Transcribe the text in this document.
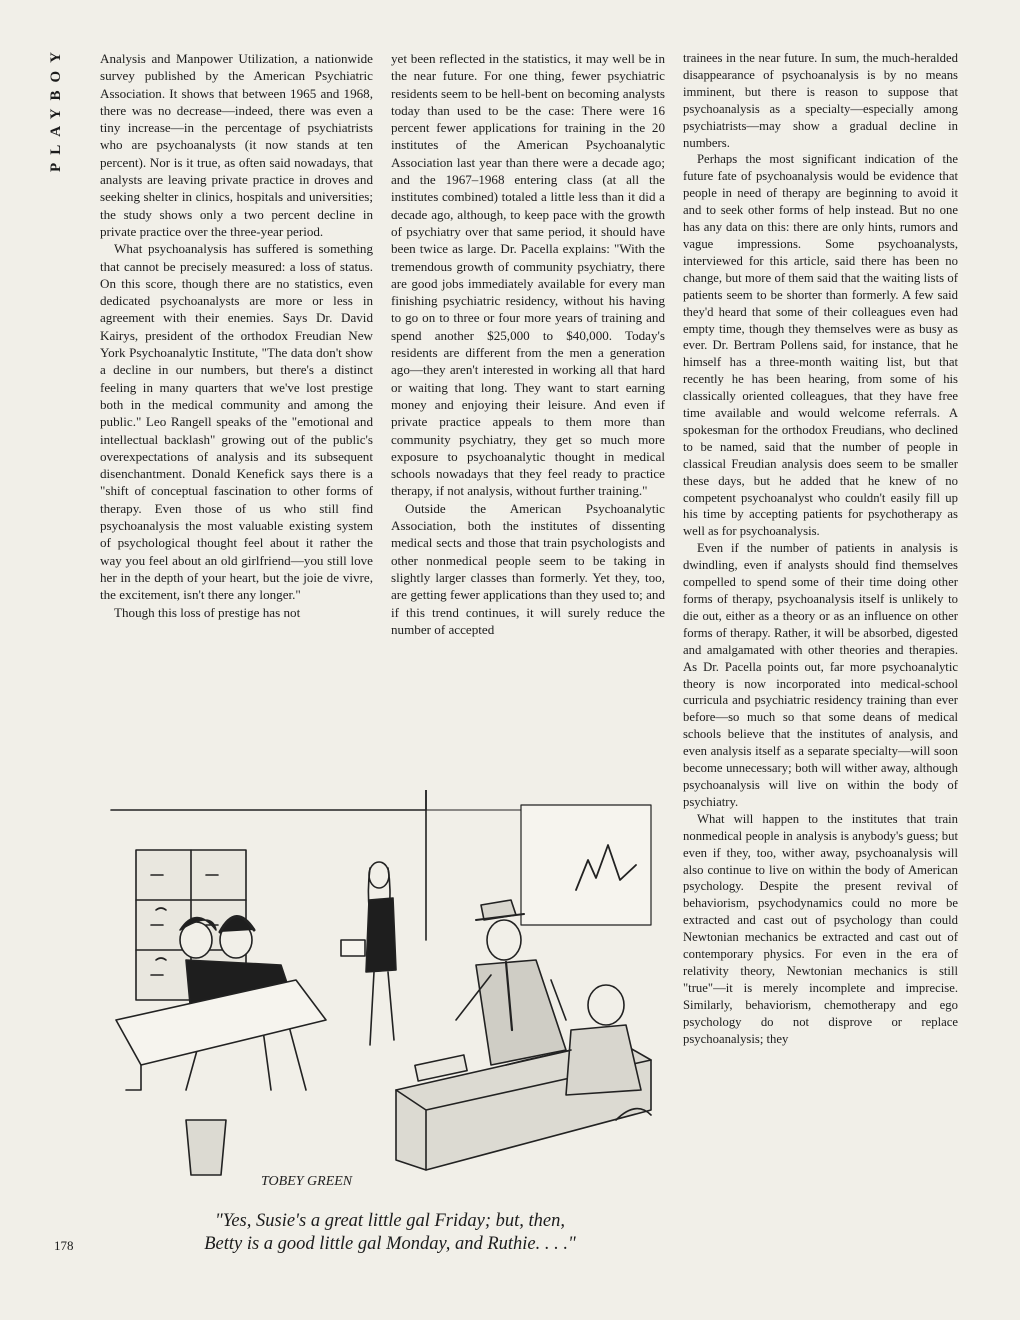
PLAYBOY	Analysis and Manpower Utilization, a nationwide survey published by the American Psychiatric Association. It shows that between 1965 and 1968, there was no decrease—indeed, there was even a tiny increase—in the percentage of psychiatrists who are psychoanalysts (it now stands at ten percent). Nor is it true, as often said nowadays, that analysts are leaving private practice in droves and seeking shelter in clinics, hospitals and universities; the study shows only a two percent decline in private practice over the three-year period.

What psychoanalysis has suffered is something that cannot be precisely measured: a loss of status. On this score, though there are no statistics, even dedicated psychoanalysts are more or less in agreement with their enemies. Says Dr. David Kairys, president of the orthodox Freudian New York Psychoanalytic Institute, "The data don't show a decline in our numbers, but there's a distinct feeling in many quarters that we've lost prestige both in the medical community and among the public." Leo Rangell speaks of the "emotional and intellectual backlash" growing out of the public's overexpectations of analysis and its subsequent disenchantment. Donald Kenefick says there is a "shift of conceptual fascination to other forms of therapy. Even those of us who still find psychoanalysis the most valuable existing system of psychological thought feel about it rather the way you feel about an old girlfriend—you still love her in the depth of your heart, but the joie de vivre, the excitement, isn't there any longer."

Though this loss of prestige has not

yet been reflected in the statistics, it may well be in the near future. For one thing, fewer psychiatric residents seem to be hell-bent on becoming analysts today than used to be the case: There were 16 percent fewer applications for training in the 20 institutes of the American Psychoanalytic Association last year than there were a decade ago; and the 1967–1968 entering class (at all the institutes combined) totaled a little less than it did a decade ago, although, to keep pace with the growth of psychiatry over that same period, it should have been twice as large. Dr. Pacella explains: "With the tremendous growth of community psychiatry, there are good jobs immediately available for every man finishing psychiatric residency, without his having to go on to three or four more years of training and spend another $25,000 to $40,000. Today's residents are different from the men a generation ago—they aren't interested in working all that hard or waiting that long. They want to start earning money and enjoying their leisure. And even if private practice appeals to them more than community psychiatry, they get so much more exposure to psychoanalytic thought in medical schools nowadays that they feel ready to practice therapy, if not analysis, without further training."

Outside the American Psychoanalytic Association, both the institutes of dissenting medical sects and those that train psychologists and other nonmedical people seem to be taking in slightly larger classes than formerly. Yet they, too, are getting fewer applications than they used to; and if this trend continues, it will surely reduce the number of accepted

trainees in the near future. In sum, the much-heralded disappearance of psychoanalysis is by no means imminent, but there is reason to suppose that psychoanalysis as a specialty—especially among psychiatrists—may show a gradual decline in numbers.

Perhaps the most significant indication of the future fate of psychoanalysis would be evidence that people in need of therapy are beginning to avoid it and to seek other forms of help instead. But no one has any data on this: there are only hints, rumors and vague impressions. Some psychoanalysts, interviewed for this article, said there has been no change, but more of them said that the waiting lists of patients seem to be shorter than formerly. A few said they'd heard that some of their colleagues even had empty time, though they themselves were as busy as ever. Dr. Bertram Pollens said, for instance, that he himself has a three-month waiting list, but that recently he has been hearing, from some of his classically oriented colleagues, that they have free time available and would welcome referrals. A spokesman for the orthodox Freudians, who declined to be named, said that the number of people in classical Freudian analysis does seem to be smaller these days, but he added that he knew of no competent psychoanalyst who couldn't easily fill up his time by accepting patients for psychotherapy as well as for psychoanalysis.

Even if the number of patients in analysis is dwindling, even if analysts should find themselves compelled to spend some of their time doing other forms of therapy, psychoanalysis itself is unlikely to die out, either as a theory or as an influence on other forms of therapy. Rather, it will be absorbed, digested and amalgamated with other theories and therapies. As Dr. Pacella points out, far more psychoanalytic theory is now incorporated into medical-school curricula and psychiatric residency training than ever before—so much so that some deans of medical schools believe that the institutes of analysis, and even analysis itself as a separate specialty—will soon become unnecessary; both will wither away, although psychoanalysis will live on within the body of psychiatry.

What will happen to the institutes that train nonmedical people in analysis is anybody's guess; but even if they, too, wither away, psychoanalysis will also continue to live on within the body of American psychology. Despite the present revival of behaviorism, psychodynamics could no more be extracted and cast out of psychology than could Newtonian mechanics be extracted and cast out of contemporary physics. For even in the era of relativity theory, Newtonian mechanics is still "true"—it is merely incomplete and imprecise. Similarly, behaviorism, chemotherapy and ego psychology do not disprove or replace psychoanalysis; they

TOBEY GREEN
"Yes, Susie's a great little gal Friday; but, then,
Betty is a good little gal Monday, and Ruthie. . . ."
178
